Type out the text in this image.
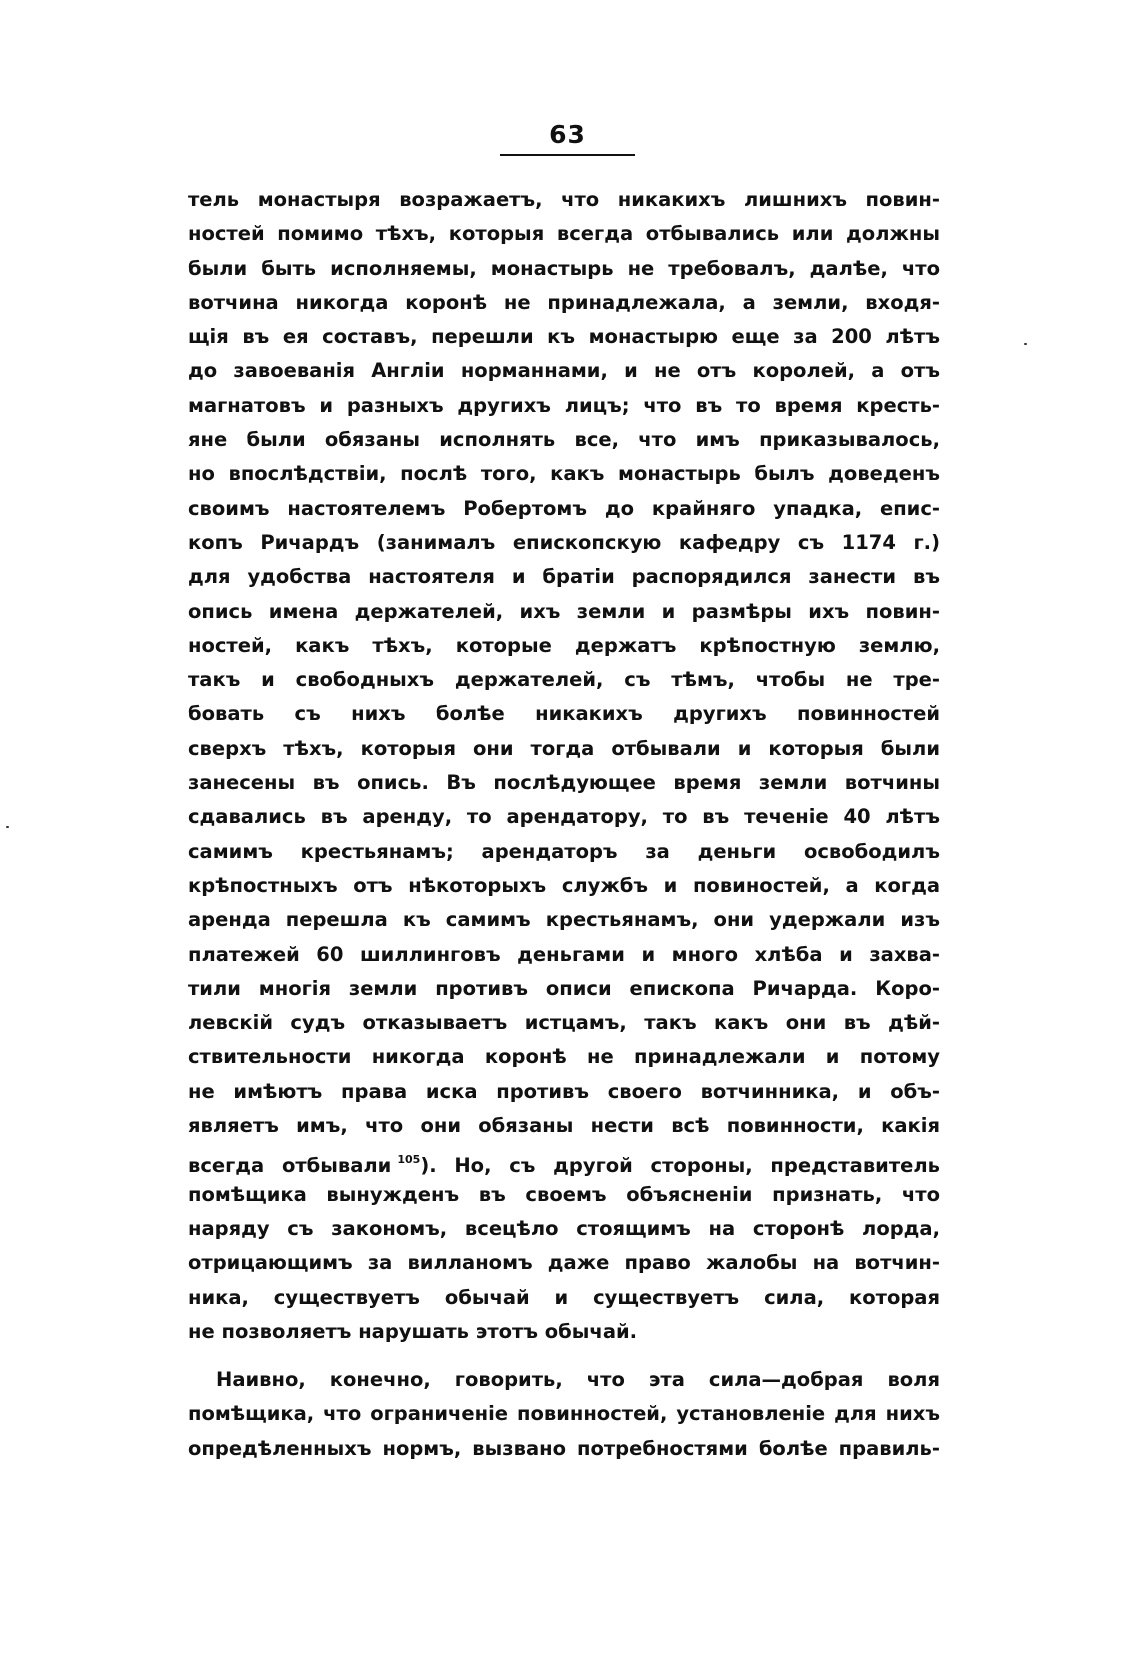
63
тель монастыря возражаетъ, что никакихъ лишнихъ повин-
ностей помимо тѣхъ, которыя всегда отбывались или должны
были быть исполняемы, монастырь не требовалъ, далѣе, что
вотчина никогда коронѣ не принадлежала, а земли, входя-
щія въ ея составъ, перешли къ монастырю еще за 200 лѣтъ
до завоеванія Англіи норманнами, и не отъ королей, а отъ
магнатовъ и разныхъ другихъ лицъ; что въ то время кресть-
яне были обязаны исполнять все, что имъ приказывалось,
но впослѣдствіи, послѣ того, какъ монастырь былъ доведенъ
своимъ настоятелемъ Робертомъ до крайняго упадка, епис-
копъ Ричардъ (занималъ епископскую кафедру съ 1174 г.)
для удобства настоятеля и братіи распорядился занести въ
опись имена держателей, ихъ земли и размѣры ихъ повин-
ностей, какъ тѣхъ, которые держатъ крѣпостную землю,
такъ и свободныхъ держателей, съ тѣмъ, чтобы не тре-
бовать съ нихъ болѣе никакихъ другихъ повинностей
сверхъ тѣхъ, которыя они тогда отбывали и которыя были
занесены въ опись. Въ послѣдующее время земли вотчины
сдавались въ аренду, то арендатору, то въ теченіе 40 лѣтъ
самимъ крестьянамъ; арендаторъ за деньги освободилъ
крѣпостныхъ отъ нѣкоторыхъ службъ и повиностей, а когда
аренда перешла къ самимъ крестьянамъ, они удержали изъ
платежей 60 шиллинговъ деньгами и много хлѣба и захва-
тили многія земли противъ описи епископа Ричарда. Коро-
левскій судъ отказываетъ истцамъ, такъ какъ они въ дѣй-
ствительности никогда коронѣ не принадлежали и потому
не имѣютъ права иска противъ своего вотчинника, и объ-
являетъ имъ, что они обязаны нести всѣ повинности, какія
всегда отбывали $^{105}$). Но, съ другой стороны, представитель
помѣщика вынужденъ въ своемъ объясненіи признать, что
наряду съ закономъ, всецѣло стоящимъ на сторонѣ лорда,
отрицающимъ за вилланомъ даже право жалобы на вотчин-
ника, существуетъ обычай и существуетъ сила, которая
не позволяетъ нарушать этотъ обычай.
Наивно, конечно, говорить, что эта сила—добрая воля
помѣщика, что ограниченіе повинностей, установленіе для нихъ
опредѣленныхъ нормъ, вызвано потребностями болѣе правиль-
